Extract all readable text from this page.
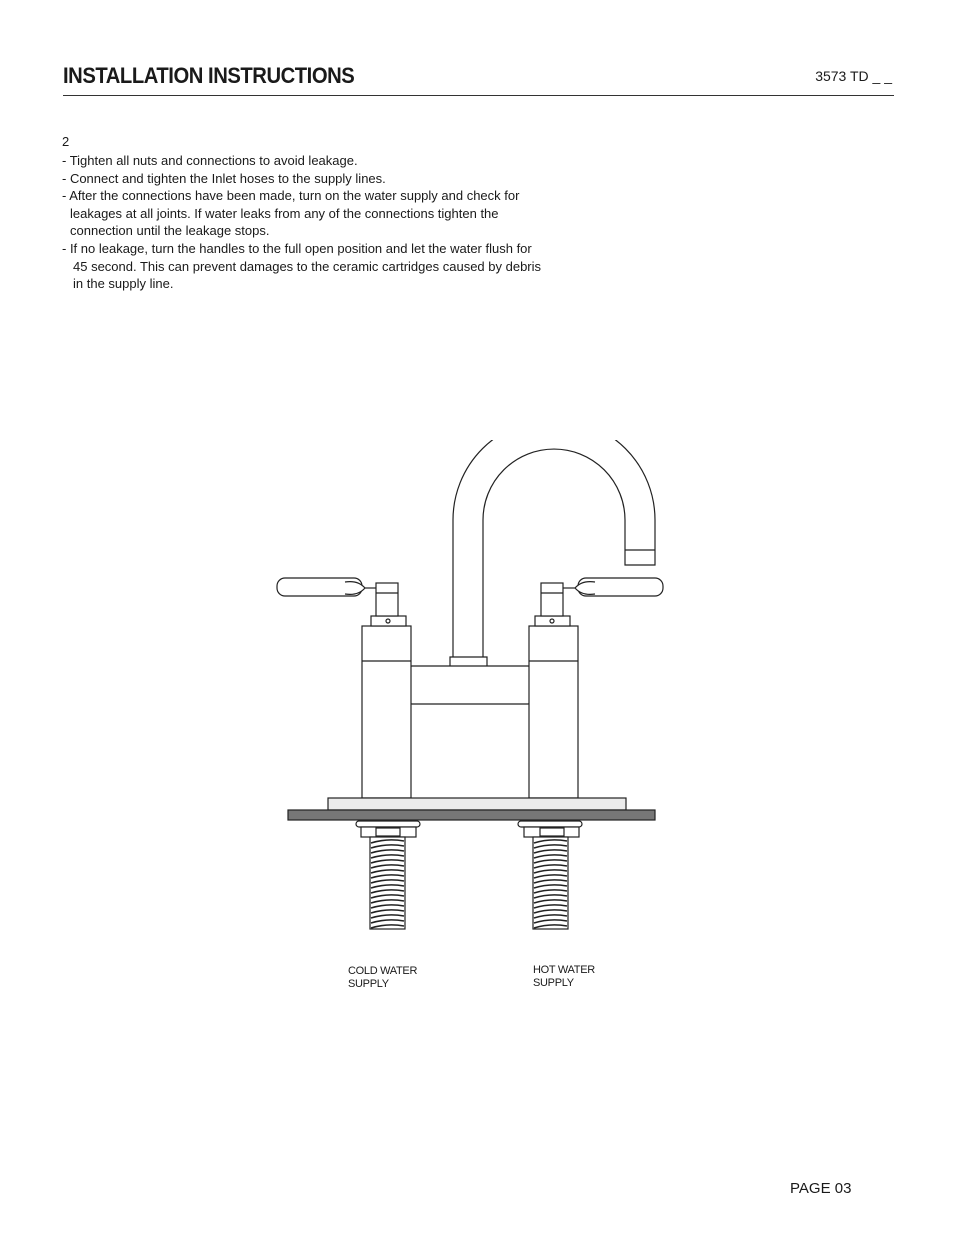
INSTALLATION INSTRUCTIONS	3573 TD _ _
2

- Tighten all nuts and connections to avoid leakage.

- Connect and tighten the Inlet hoses to the supply lines.

- After the connections have been made, turn on the water supply and check for

leakages at all joints. If water leaks from any of the connections tighten the

connection until the leakage stops.

- If no leakage, turn the handles to the full open position and let the water flush for

45 second. This can prevent damages to the ceramic cartridges caused by debris

in the supply line.

COLD WATER
SUPPLY
HOT WATER
SUPPLY
PAGE 03
